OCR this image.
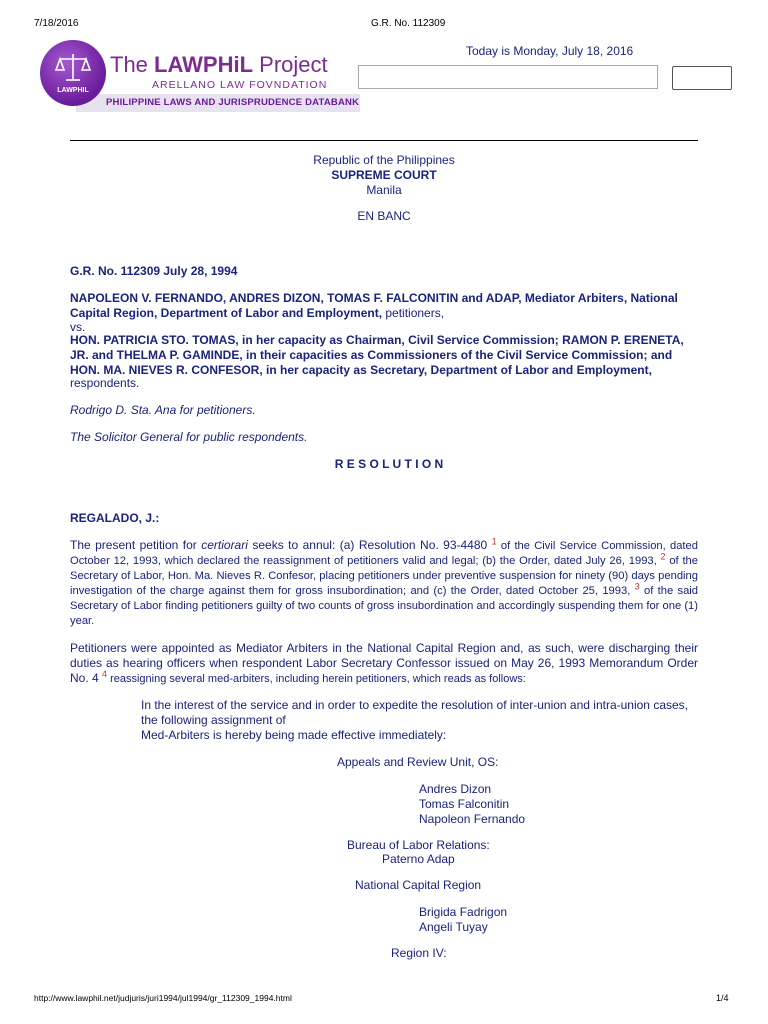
7/18/2016	G.R. No. 112309
LAWPHIL
The LAWPHiL Project
ARELLANO LAW FOVNDATION
PHILIPPINE LAWS AND JURISPRUDENCE DATABANK
Today is Monday, July 18, 2016
Republic of the Philippines
SUPREME COURT
Manila
EN BANC
G.R. No. 112309 July 28, 1994
NAPOLEON V. FERNANDO, ANDRES DIZON, TOMAS F. FALCONITIN and ADAP, Mediator Arbiters, National Capital Region, Department of Labor and Employment, petitioners,
vs.
HON. PATRICIA STO. TOMAS, in her capacity as Chairman, Civil Service Commission; RAMON P. ERENETA, JR. and THELMA P. GAMINDE, in their capacities as Commissioners of the Civil Service Commission; and HON. MA. NIEVES R. CONFESOR, in her capacity as Secretary, Department of Labor and Employment,
respondents.
Rodrigo D. Sta. Ana for petitioners.
The Solicitor General for public respondents.
R E S O L U T I O N
REGALADO, J.:
The present petition for certiorari seeks to annul: (a) Resolution No. 93-4480 $^1$ of the Civil Service Commission, dated October 12, 1993, which declared the reassignment of petitioners valid and legal; (b) the Order, dated July 26, 1993, $^2$ of the Secretary of Labor, Hon. Ma. Nieves R. Confesor, placing petitioners under preventive suspension for ninety (90) days pending investigation of the charge against them for gross insubordination; and (c) the Order, dated October 25, 1993, $^3$ of the said Secretary of Labor finding petitioners guilty of two counts of gross insubordination and accordingly suspending them for one (1) year.
Petitioners were appointed as Mediator Arbiters in the National Capital Region and, as such, were discharging their duties as hearing officers when respondent Labor Secretary Confessor issued on May 26, 1993 Memorandum Order No. 4 $^4$ reassigning several med-arbiters, including herein petitioners, which reads as follows:
In the interest of the service and in order to expedite the resolution of inter-union and intra-union cases,
the following assignment of
Med-Arbiters is hereby being made effective immediately:
Appeals and Review Unit, OS:
Andres Dizon
Tomas Falconitin
Napoleon Fernando
Bureau of Labor Relations:
Paterno Adap
National Capital Region
Brigida Fadrigon
Angeli Tuyay
Region IV:
http://www.lawphil.net/judjuris/juri1994/jul1994/gr_112309_1994.html	1/4
